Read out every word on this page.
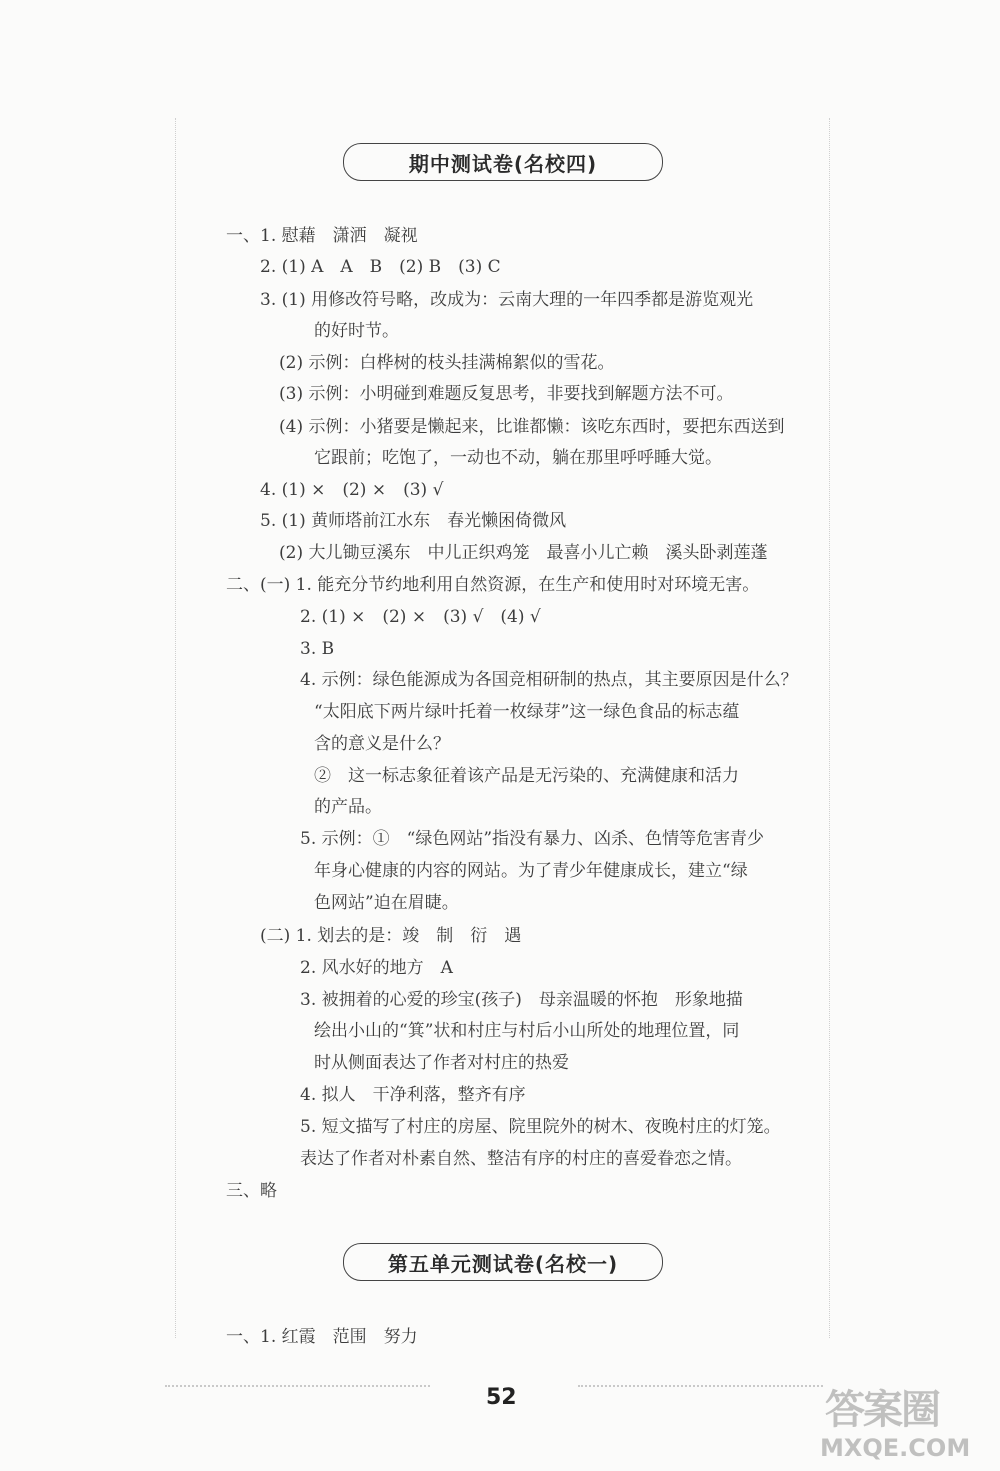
期中测试卷(名校四)
一、1. 慰藉　潇洒　凝视
2. (1) A　A　B　(2) B　(3) C
3. (1) 用修改符号略，改成为：云南大理的一年四季都是游览观光
的好时节。
(2) 示例：白桦树的枝头挂满棉絮似的雪花。
(3) 示例：小明碰到难题反复思考，非要找到解题方法不可。
(4) 示例：小猪要是懒起来，比谁都懒：该吃东西时，要把东西送到
它跟前；吃饱了，一动也不动，躺在那里呼呼睡大觉。
4. (1) ×　(2) ×　(3) √
5. (1) 黄师塔前江水东　春光懒困倚微风
(2) 大儿锄豆溪东　中儿正织鸡笼　最喜小儿亡赖　溪头卧剥莲蓬
二、(一) 1. 能充分节约地利用自然资源，在生产和使用时对环境无害。
2. (1) ×　(2) ×　(3) √　(4) √
3. B
4. 示例：绿色能源成为各国竞相研制的热点，其主要原因是什么？
“太阳底下两片绿叶托着一枚绿芽”这一绿色食品的标志蕴
含的意义是什么？
②　这一标志象征着该产品是无污染的、充满健康和活力
的产品。
5. 示例：①　“绿色网站”指没有暴力、凶杀、色情等危害青少
年身心健康的内容的网站。为了青少年健康成长，建立“绿
色网站”迫在眉睫。
(二) 1. 划去的是：竣　制　衍　遇
2. 风水好的地方　A
3. 被拥着的心爱的珍宝(孩子)　母亲温暖的怀抱　形象地描
绘出小山的“箕”状和村庄与村后小山所处的地理位置，同
时从侧面表达了作者对村庄的热爱
4. 拟人　干净利落，整齐有序
5. 短文描写了村庄的房屋、院里院外的树木、夜晚村庄的灯笼。
表达了作者对朴素自然、整洁有序的村庄的喜爱眷恋之情。
三、略
第五单元测试卷(名校一)
一、1. 红霞　范围　努力
52	答案圈
MXQE.COM
